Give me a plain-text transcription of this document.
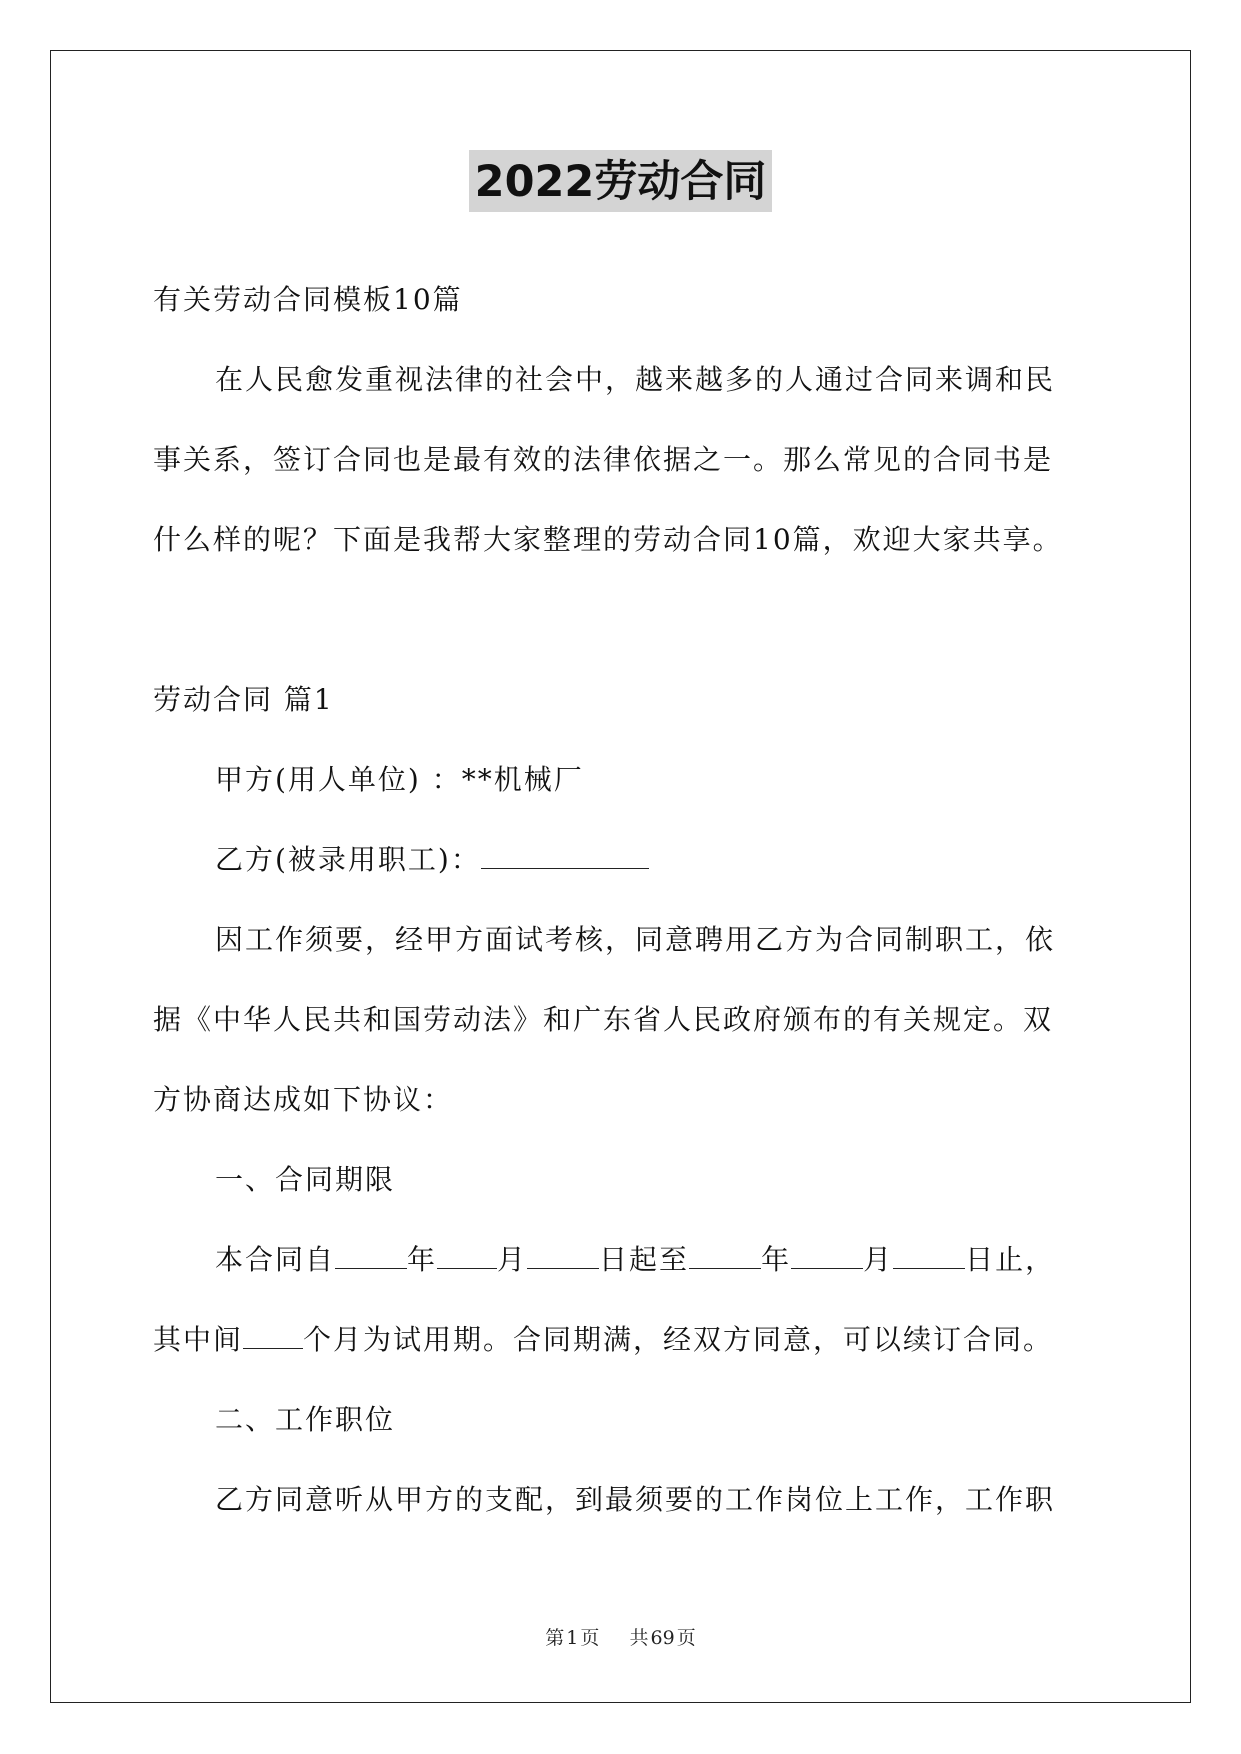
2022劳动合同
有关劳动合同模板10篇
在人民愈发重视法律的社会中，越来越多的人通过合同来调和民
事关系，签订合同也是最有效的法律依据之一。那么常见的合同书是
什么样的呢？下面是我帮大家整理的劳动合同10篇，欢迎大家共享。
劳动合同 篇1
甲方(用人单位) ：**机械厂
乙方(被录用职工)：
因工作须要，经甲方面试考核，同意聘用乙方为合同制职工，依
据《中华人民共和国劳动法》和广东省人民政府颁布的有关规定。双
方协商达成如下协议：
一、合同期限
本合同自	年 月	日起至	年	月	日止，
其中间 个月为试用期。合同期满，经双方同意，可以续订合同。
二、工作职位
乙方同意听从甲方的支配，到最须要的工作岗位上工作，工作职
第 1 页 共 69 页
